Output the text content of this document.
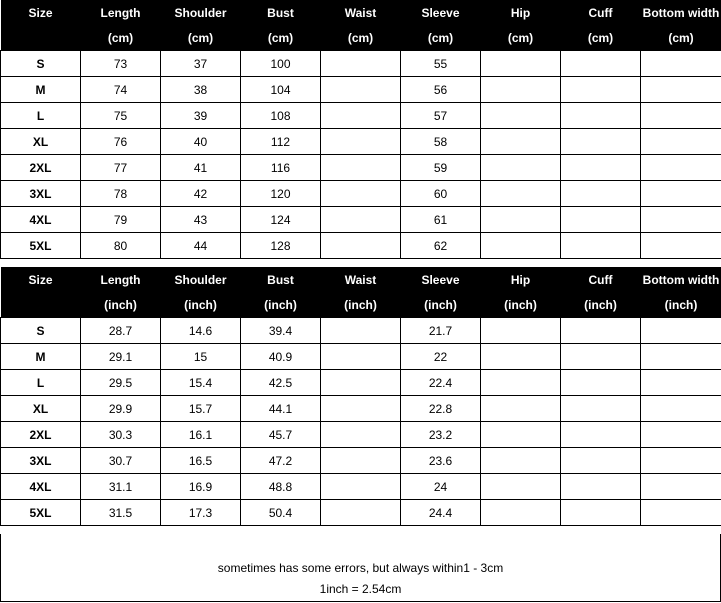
Size	Length	Shoulder	Bust	Waist	Sleeve	Hip	Cuff	Bottom width
	(cm)	(cm)	(cm)	(cm)	(cm)	(cm)	(cm)	(cm)
S	73	37	100		55			
M	74	38	104		56			
L	75	39	108		57			
XL	76	40	112		58			
2XL	77	41	116		59			
3XL	78	42	120		60			
4XL	79	43	124		61			
5XL	80	44	128		62			
Size	Length	Shoulder	Bust	Waist	Sleeve	Hip	Cuff	Bottom width
	(inch)	(inch)	(inch)	(inch)	(inch)	(inch)	(inch)	(inch)
S	28.7	14.6	39.4		21.7			
M	29.1	15	40.9		22			
L	29.5	15.4	42.5		22.4			
XL	29.9	15.7	44.1		22.8			
2XL	30.3	16.1	45.7		23.2			
3XL	30.7	16.5	47.2		23.6			
4XL	31.1	16.9	48.8		24			
5XL	31.5	17.3	50.4		24.4			
sometimes has some errors, but always within1 - 3cm
1inch = 2.54cm
